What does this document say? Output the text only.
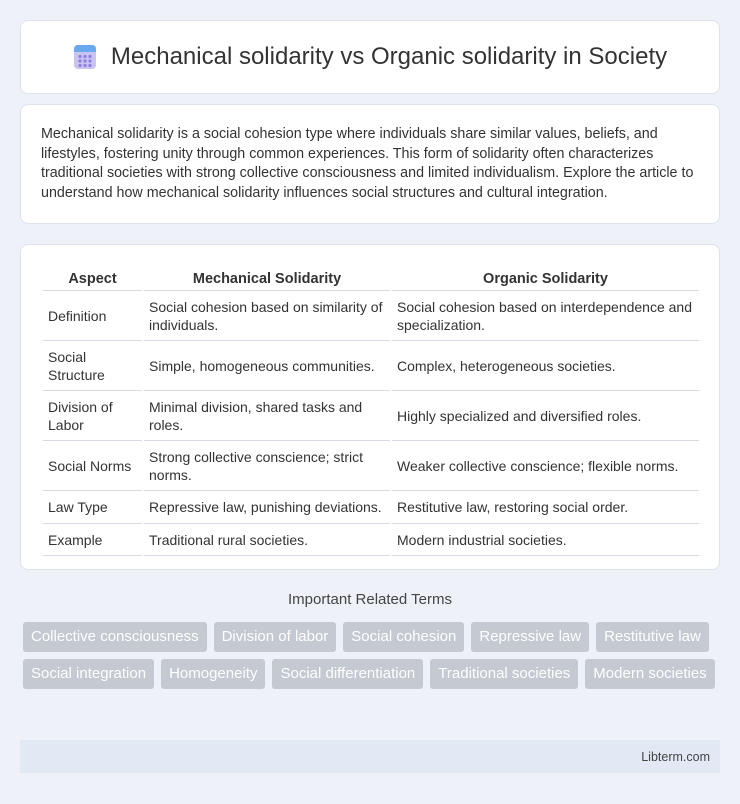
Mechanical solidarity vs Organic solidarity in Society

Mechanical solidarity is a social cohesion type where individuals share similar values, beliefs, and lifestyles, fostering unity through common experiences. This form of solidarity often characterizes traditional societies with strong collective consciousness and limited individualism. Explore the article to understand how mechanical solidarity influences social structures and cultural integration.

Aspect	Mechanical Solidarity	Organic Solidarity
Definition	Social cohesion based on similarity of individuals.	Social cohesion based on interdependence and specialization.
Social Structure	Simple, homogeneous communities.	Complex, heterogeneous societies.
Division of Labor	Minimal division, shared tasks and roles.	Highly specialized and diversified roles.
Social Norms	Strong collective conscience; strict norms.	Weaker collective conscience; flexible norms.
Law Type	Repressive law, punishing deviations.	Restitutive law, restoring social order.
Example	Traditional rural societies.	Modern industrial societies.
Important Related Terms
Collective consciousness	Division of labor	Social cohesion	Repressive law	Restitutive law
Social integration	Homogeneity	Social differentiation	Traditional societies	Modern societies
Libterm.com
